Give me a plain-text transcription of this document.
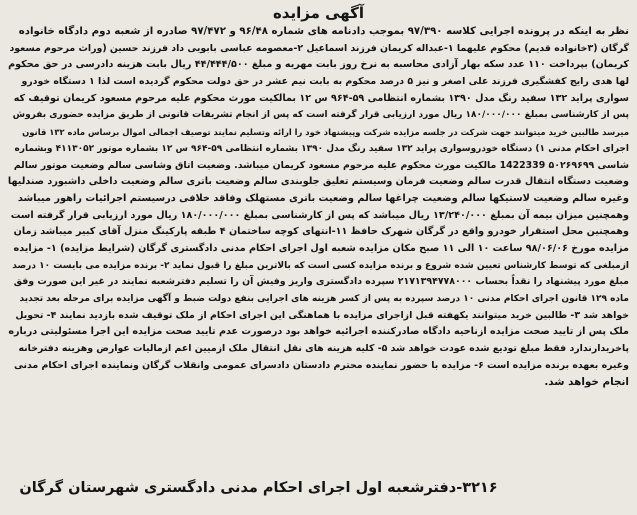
آگهی مزایده
نظر به اینکه در پرونده اجرایی کلاسه ۹۷/۳۹۰ بموجب دادنامه های شماره ۹۶/۴۸ و ۹۷/۴۷۲ صادره از شعبه دوم دادگاه خانواده
گرگان (۳خانواده قدیم) محکوم علیهما ۱-عبداله کریمان فرزند اسماعیل ۲-معصومه عباسی بابویی داد فرزند حسین (وراث مرحوم مسعود
کریمان) بپرداخت ۱۱۰ عدد سکه بهار آزادی محاسبه به نرخ روز بابت مهریه و مبلغ ۴۴/۴۴۴/۵۰۰ ریال بابت هزینه دادرسی در حق محکوم
لها هدی رایج کفشگیری فرزند علی اصغر و نیز ۵ درصد محکوم به بابت نیم عشر در حق دولت محکوم گردیده است لذا ۱ دستگاه خودرو
سواری پراید ۱۳۲ سفید رنگ مدل ۱۳۹۰ بشماره انتظامی ۵۹-۹۶۴ س ۱۲ بمالکیت مورث محکوم علیه مرحوم مسعود کریمان توقیف که
پس از کارشناسی بمبلغ ۱۸۰/۰۰۰/۰۰۰ ریال مورد ارزیابی قرار گرفته است که پس از انجام تشریفات قانونی از طریق مزایده حضوری بفروش
میرسد طالبین خرید میتوانند جهت شرکت در جلسه مزایده شرکت وپیشنهاد خود را ارائه وتسلیم نمایند توصیف اجمالی اموال برساس ماده ۱۳۲ قانون
اجرای احکام مدنی ۱) دستگاه خودروسواری پراید ۱۳۲ سفید رنگ مدل ۱۳۹۰ بشماره انتظامی ۵۹-۹۶۴ س ۱۲ بشماره موتور ۴۱۱۳۰۵۲ وبشماره
شاسی ۵۰۲۶۹۶۹۹ 1422339 مالکیت مورث محکوم علیه مرحوم مسعود کریمان میباشد. وضعیت اتاق وشاسی سالم وضعیت موتور سالم
وضعیت دستگاه انتقال قدرت سالم وضعیت فرمان وسیستم تعلیق جلوبندی سالم وضعیت باتری سالم وضعیت داخلی داشبورد صندلیها
وغیره سالم وضعیت لاستیکها سالم وضعیت چراغها سالم وضعیت باتری مستهلک وفاقد خلافی درسیستم اجرائیات راهور میباشد
وهمچنین میزان بیمه آن بمبلغ ۱۳/۲۴۰/۰۰۰ ریال میباشد که پس از کارشناسی بمبلغ ۱۸۰/۰۰۰/۰۰۰ ریال مورد ارزیابی قرار گرفته است
وهمچنین محل استقرار خودرو واقع در گرگان شهرک حافظ ۱۱-انتهای کوچه ساختمان ۴ طبقه پارکینگ منزل آقای کبیر میباشد زمان
مزایده مورخ ۹۸/۰۶/۰۶ ساعت ۱۰ الی ۱۱ صبح مکان مزایده شعبه اول اجرای احکام مدنی دادگستری گرگان (شرایط مزایده) ۱- مزایده
ازمبلغی که توسط کارشناس تعیین شده شروع و برنده مزایده کسی است که بالاترین مبلغ را قبول نماید ۲- برنده مزایده می بایست ۱۰ درصد
مبلغ مورد پیشنهاد را نقداً بحساب ۲۱۷۱۳۹۴۷۷۸۰۰۰ سپرده دادگستری واریز وفیش آن را تسلیم دفترشعبه نمایند در غیر این صورت وفق
ماده ۱۲۹ قانون اجرای احکام مدنی ۱۰ درصد سپرده به پس از کسر هزینه های اجرایی بنفع دولت ضبط و آگهی مزایده برای مرحله بعد تجدید
خواهد شد ۳- طالبین خرید میتوانند یکهفته قبل ازاجرای مزایده با هماهنگی این اجرای احکام از ملک توقیف شده بازدید نمایند ۴- تحویل
ملک پس از تایید صحت مزایده ازناحیه دادگاه صادرکننده اجرائیه خواهد بود درصورت عدم تایید صحت مزایده این اجرا مسئولیتی درباره
پاخریدارندارد فقط مبلغ تودیع شده عودت خواهد شد ۵- کلیه هزینه های نقل انتقال ملک ازمیین اعم ازمالیات عوارض وهزینه دفترخانه
وغیره بعهده برنده مزایده است ۶- مزایده با حضور نماینده محترم دادستان دادسرای عمومی وانقلاب گرگان ونماینده اجرای احکام مدنی
انجام خواهد شد.
۳۲۱۶-دفترشعبه اول اجرای احکام مدنی دادگستری شهرستان گرگان
